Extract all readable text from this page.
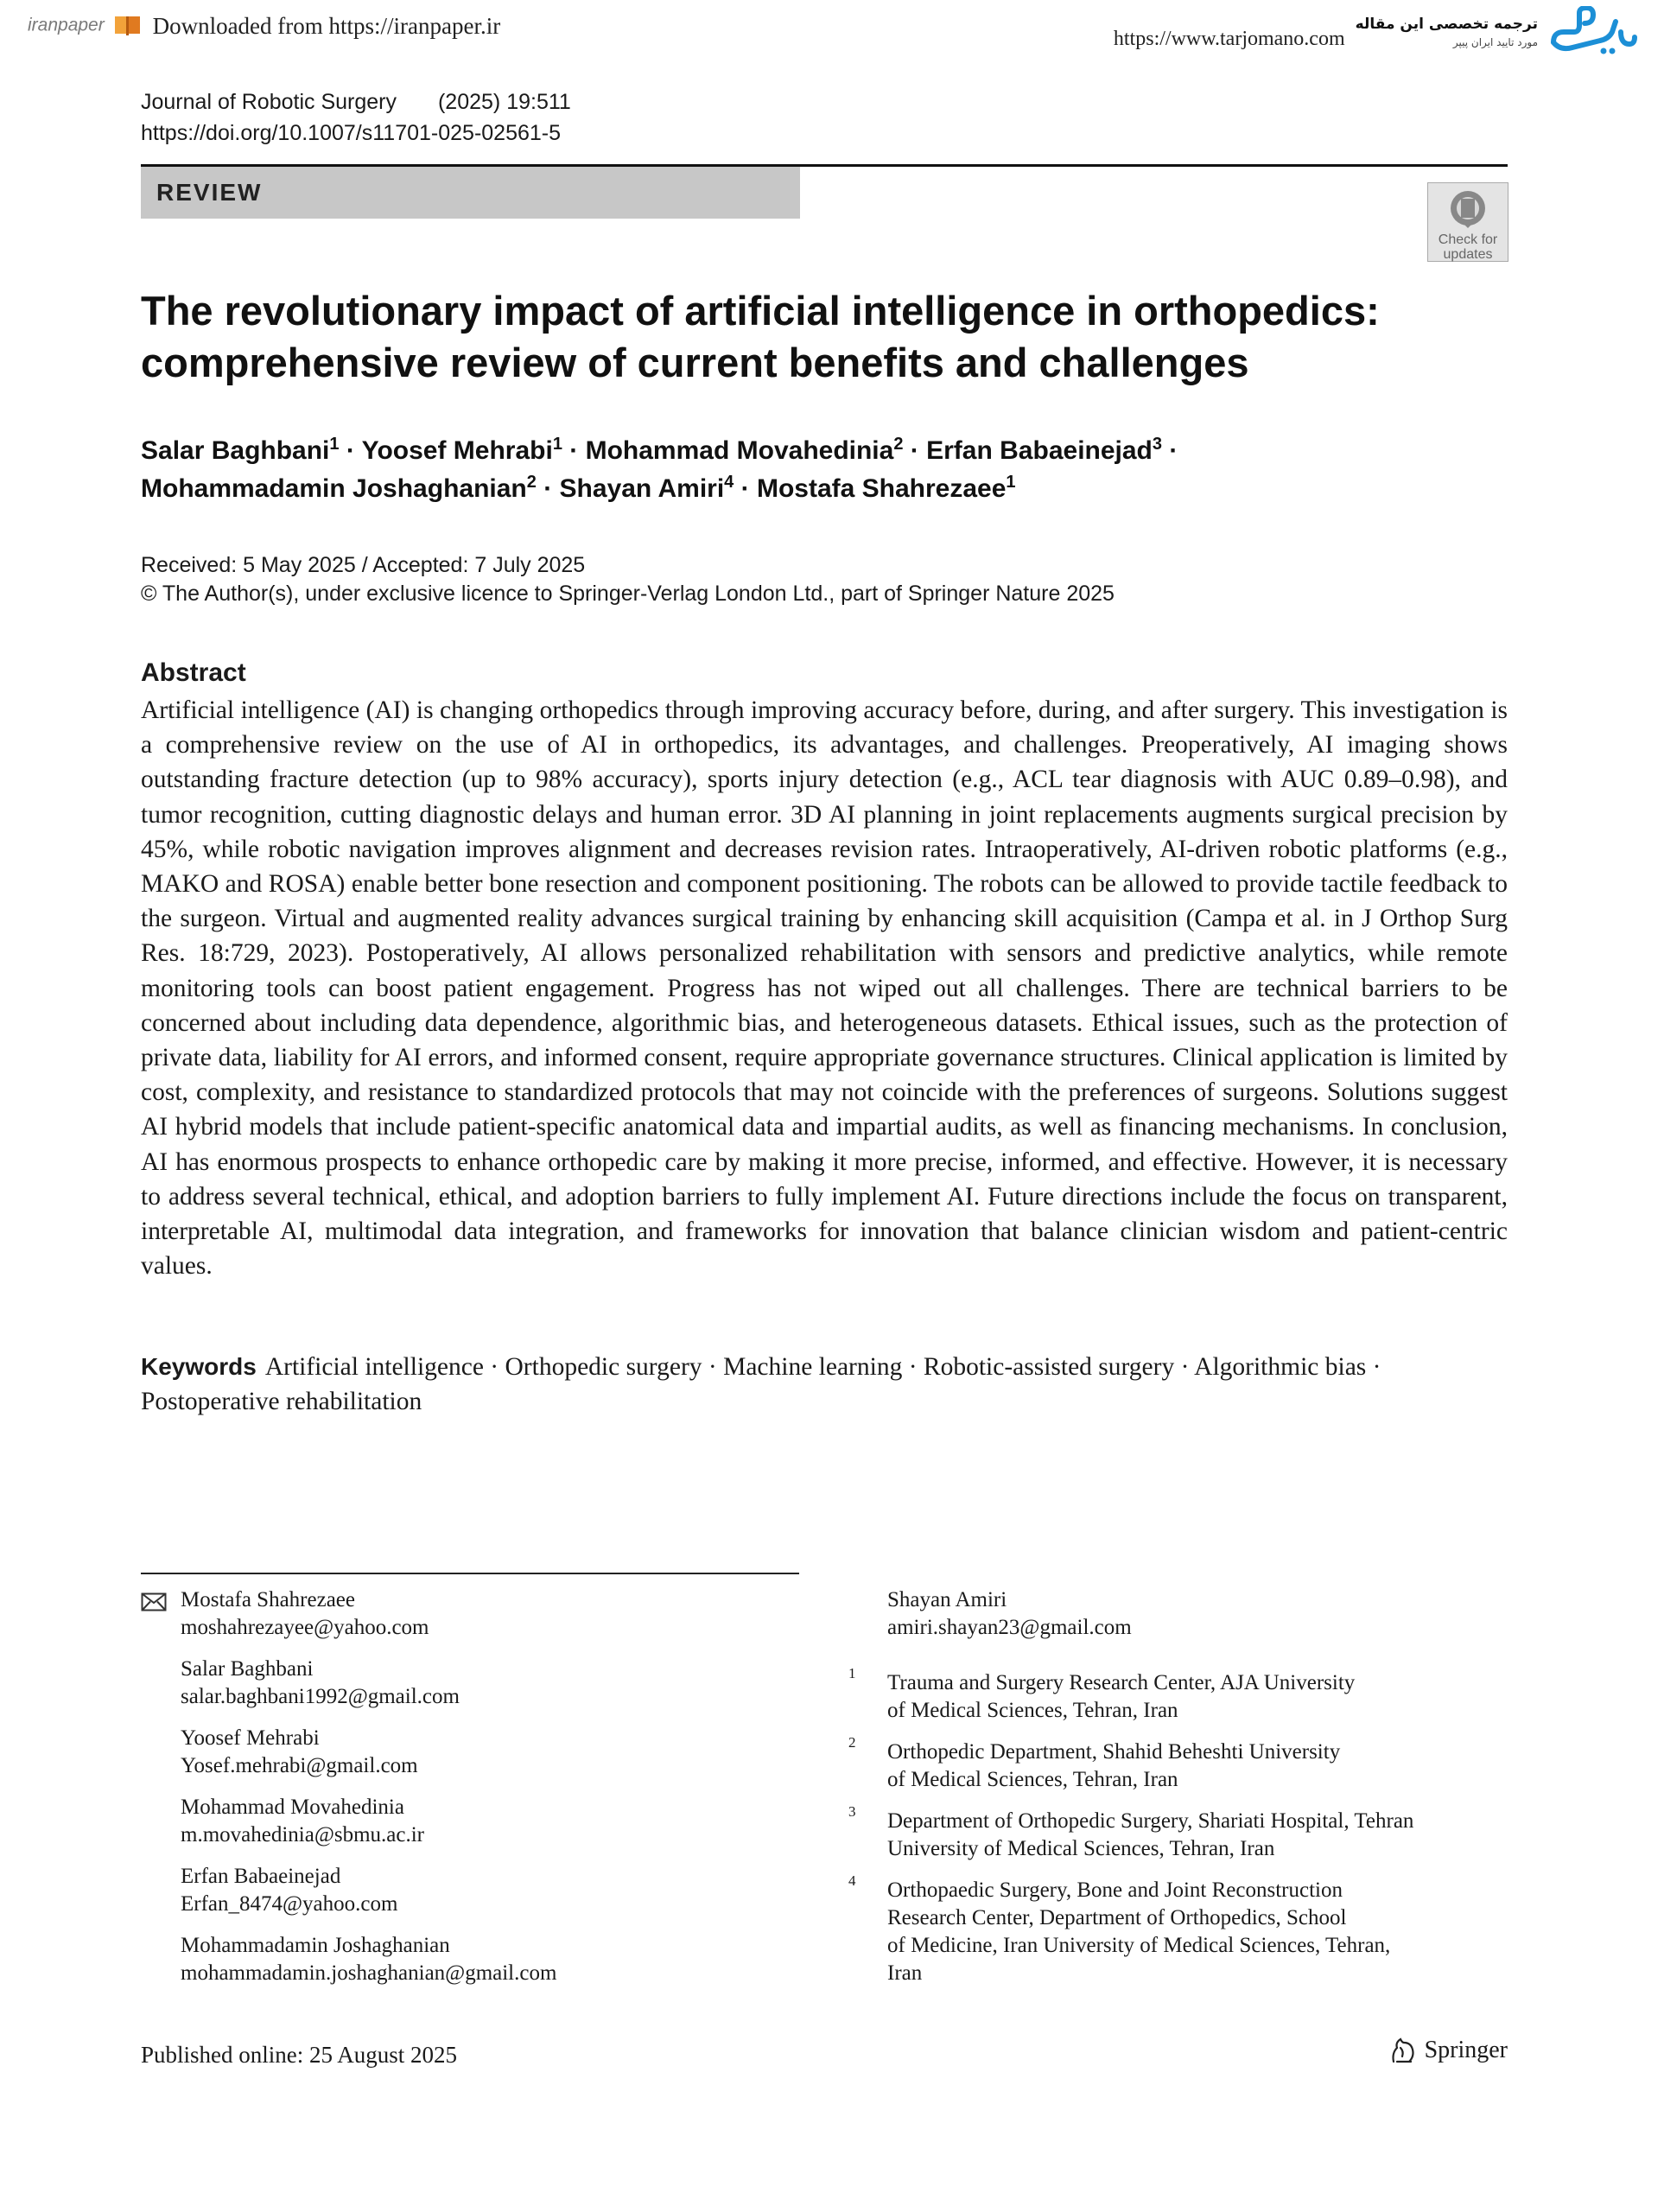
iranpaper	Downloaded from https://iranpaper.ir	https://www.tarjomano.com
ترجمه تخصصی این مقاله
مورد تایید ایران پیپر
Journal of Robotic Surgery (2025) 19:511
https://doi.org/10.1007/s11701-025-02561-5
REVIEW
Check for updates
The revolutionary impact of artificial intelligence in orthopedics:
comprehensive review of current benefits and challenges
Salar Baghbani$^1$ · Yoosef Mehrabi$^1$ · Mohammad Movahedinia$^2$ · Erfan Babaeinejad$^3$ ·
Mohammadamin Joshaghanian$^2$ · Shayan Amiri$^4$ · Mostafa Shahrezaee$^1$
Received: 5 May 2025 / Accepted: 7 July 2025
© The Author(s), under exclusive licence to Springer-Verlag London Ltd., part of Springer Nature 2025
Abstract
Artificial intelligence (AI) is changing orthopedics through improving accuracy before, during, and after surgery. This investigation is a comprehensive review on the use of AI in orthopedics, its advantages, and challenges. Preoperatively, AI imaging shows outstanding fracture detection (up to 98% accuracy), sports injury detection (e.g., ACL tear diagnosis with AUC 0.89–0.98), and tumor recognition, cutting diagnostic delays and human error. 3D AI planning in joint replacements augments surgical precision by 45%, while robotic navigation improves alignment and decreases revision rates. Intraoperatively, AI-driven robotic platforms (e.g., MAKO and ROSA) enable better bone resection and component positioning. The robots can be allowed to provide tactile feedback to the surgeon. Virtual and augmented reality advances surgical training by enhancing skill acquisition (Campa et al. in J Orthop Surg Res. 18:729, 2023). Postoperatively, AI allows personalized rehabilitation with sensors and predictive analytics, while remote monitoring tools can boost patient engagement. Progress has not wiped out all challenges. There are technical barriers to be concerned about including data dependence, algorithmic bias, and heterogeneous datasets. Ethical issues, such as the protection of private data, liability for AI errors, and informed consent, require appropriate governance structures. Clinical application is limited by cost, complexity, and resistance to standardized protocols that may not coincide with the preferences of surgeons. Solutions suggest AI hybrid models that include patient-specific anatomical data and impartial audits, as well as financing mechanisms. In conclusion, AI has enormous prospects to enhance orthopedic care by making it more precise, informed, and effective. However, it is necessary to address several technical, ethical, and adoption barriers to fully implement AI. Future directions include the focus on transparent, interpretable AI, multimodal data integration, and frameworks for innovation that balance clinician wisdom and patient-centric values.
Keywords Artificial intelligence · Orthopedic surgery · Machine learning · Robotic-assisted surgery · Algorithmic bias · Postoperative rehabilitation
Mostafa Shahrezaee
moshahrezayee@yahoo.com
Salar Baghbani
salar.baghbani1992@gmail.com
Yoosef Mehrabi
Yosef.mehrabi@gmail.com
Mohammad Movahedinia
m.movahedinia@sbmu.ac.ir
Erfan Babaeinejad
Erfan_8474@yahoo.com
Mohammadamin Joshaghanian
mohammadamin.joshaghanian@gmail.com
Shayan Amiri
amiri.shayan23@gmail.com
1 Trauma and Surgery Research Center, AJA University
of Medical Sciences, Tehran, Iran
2 Orthopedic Department, Shahid Beheshti University
of Medical Sciences, Tehran, Iran
3 Department of Orthopedic Surgery, Shariati Hospital, Tehran
University of Medical Sciences, Tehran, Iran
4 Orthopaedic Surgery, Bone and Joint Reconstruction
Research Center, Department of Orthopedics, School
of Medicine, Iran University of Medical Sciences, Tehran,
Iran
Published online: 25 August 2025	Springer
